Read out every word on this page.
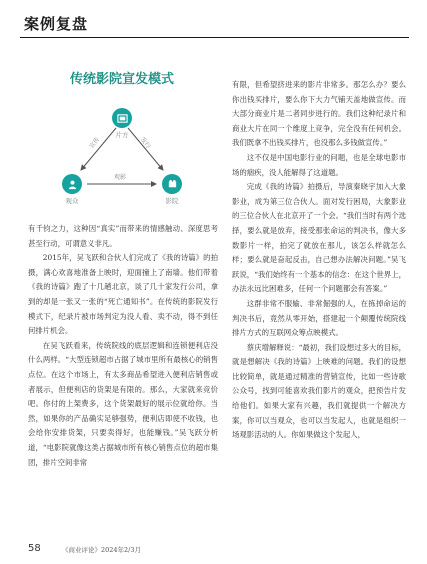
案例复盘
传统影院宣发模式
片方
观众	影院
宣传	发行
观影

有千钧之力，这种因“真实”而带来的情感触动、深度思考甚至行动，可谓意义非凡。

2015年，吴飞跃和合伙人们完成了《我的诗篇》的拍摄，满心欢喜地准备上映时，迎面撞上了南墙。他们带着《我的诗篇》跑了十几趟北京，谈了几十家发行公司，拿到的却是一张又一张的“死亡通知书”。在传统的影院发行模式下，纪录片被市场判定为没人看、卖不动，得不到任何排片机会。

在吴飞跃看来，传统院线的底层逻辑和连锁便利店没什么两样。“大型连锁超市占据了城市里所有最核心的销售点位。在这个市场上，有太多商品希望进入便利店销售或者展示，但便利店的货架是有限的。那么，大家就来竞价吧。你付的上架费多，这个货架最好的展示位就给你。当然，如果你的产品确实足够强势，便利店即使不收钱，也会给你安排货架，只要卖得好，也能赚钱。”吴飞跃分析道，“电影院就像这类占据城市所有核心销售点位的超市集团，排片空间非常

有限，但希望挤进来的影片非常多。那怎么办？要么你出钱买排片，要么你下大力气铺天盖地做宣传。而大部分商业片是二者同步进行的。我们这种纪录片和商业大片在同一个维度上竞争，完全没有任何机会。我们既拿不出钱买排片，也没那么多钱做宣传。”

这不仅是中国电影行业的问题，也是全球电影市场的痼疾，没人能解得了这道题。

完成《我的诗篇》拍摄后，导演秦晓宇加入大象影业，成为第三位合伙人。面对发行困局，大象影业的三位合伙人在北京开了一个会。“我们当时有两个选择，要么就是放弃，接受那张命运的判决书，像大多数影片一样，拍完了就放在那儿，该怎么样就怎么样；要么就是奋起反击，自己想办法解决问题。”吴飞跃说，“我们始终有一个基本的信念：在这个世界上，办法永远比困难多，任何一个问题都会有答案。”

这群非常不服输、非常倔强的人，在拣掉命运的判决书后，竟然从零开始，搭建起一个颠覆传统院线排片方式的互联网众筹点映模式。

蔡庆增解释说：“最初，我们设想过多大的目标，就是想解决《我的诗篇》上映难的问题。我们的设想比较简单，就是通过精准的营销宣传，比如一些诗歌公众号，找到可能喜欢我们影片的观众，把预告片发给他们。如果大家有兴趣，我们就提供一个解决方案，你可以当观众，也可以当发起人，也就是组织一场观影活动的人。你如果做这个发起人，

58	《商业评论》2024年2/3月
